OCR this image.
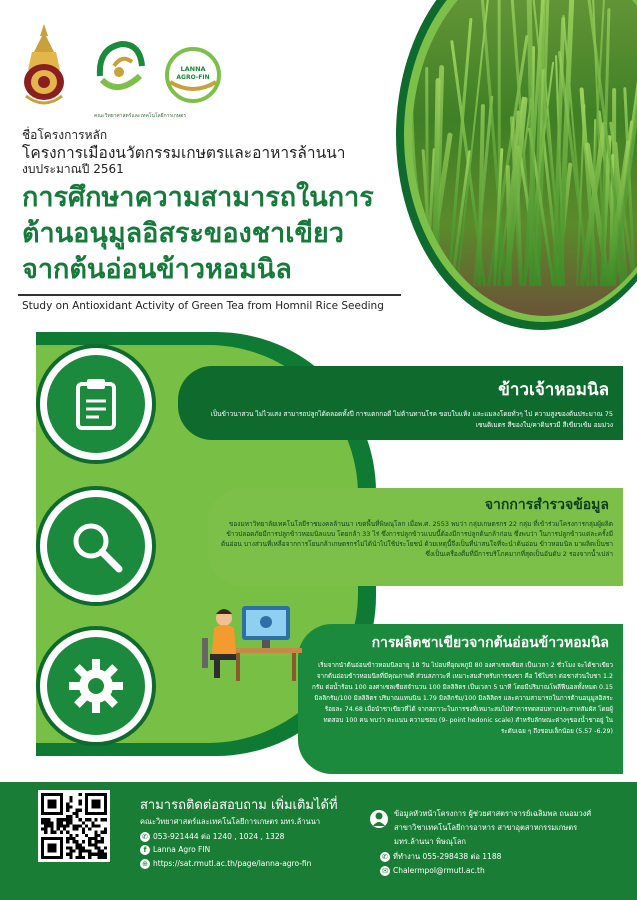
คณะวิทยาศาสตร์และเทคโนโลยีการเกษตร
LANNA
AGRO-FIN
ชื่อโครงการหลัก
โครงการเมืองนวัตกรรมเกษตรและอาหารล้านนา
งบประมาณปี 2561
การศึกษาความสามารถในการ
ต้านอนุมูลอิสระของชาเขียว
จากต้นอ่อนข้าวหอมนิล
Study on Antioxidant Activity of Green Tea from Homnil Rice Seeding
ข้าวเจ้าหอมนิล
เป็นข้าวนาสวน ไม่ไวแสง สามารถปลูกได้ตลอดทั้งปี การแตกกอดี ไม่ต้านทานโรค ขอบใบแห้ง และแมลงโดยทั่วๆ ไป ความสูงของต้นประมาณ 75 เซนติเมตร สีของใบ/คาดินรวมี สีเขียวเข้ม อมม่วง
จากการสำรวจข้อมูล
ของมหาวิทยาลัยเทคโนโลยีราชมงคลล้านนา เขตพื้นที่พิษณุโลก เมื่อพ.ศ. 2553 พบว่า กลุ่มเกษตรกร 22 กลุ่ม ที่เข้าร่วมโครงการกลุ่มผู้ผลิตข้าวปลอดภัยมีการปลูกข้าวหอมนิลแบบ โดยกล้า 33 ไร่ ซึ่งการปลูกข้าวแบบนี้ต้องมีการปลูกต้นกล้าก่อน ซึ่งพบว่า ในการปลูกข้าวแต่ละครั้งมีต้นอ่อน บางส่วนที่เหลือจากการโยนกล้าเกษตรกรไม่ได้นำไปใช้ประโยชน์ ด้วยเหตุนี้จึงเป็นที่น่าสนใจที่จะนำต้นอ่อน ข้าวหอมนิล มาผลิตเป็นชาซึ่งเป็นเครื่องดื่มที่มีการบริโภคมากที่สุดเป็นอันดับ 2 รองจากน้ำเปล่า
การผลิตชาเขียวจากต้นอ่อนข้าวหอมนิล
เริ่มจากนำต้นอ่อนข้าวหอมนิลอายุ 18 วัน ไปอบที่อุณหภูมิ 80 องศาเซลเซียส เป็นเวลา 2 ชั่วโมง จะได้ชาเขียว จากต้นอ่อนข้าวหอมนิลที่มีคุณภาพดี ส่วนสภาวะที่ เหมาะสมสำหรับการชงชา คือ ใช้ใบชา ต่อชาส่วนใบชา 1.2 กรัม ต่อน้ำร้อน 100 องศาเซลเซียสจำนวน 100 มิลลิลิตร เป็นเวลา 5 นาที โดยมีปริมาณโพลีฟีนอลทั้งหมด 0.15 มิลลิกรัม/100 มิลลิลิตร ปริมาณแทนนิน 1.79 มิลลิกรัม/100 มิลลิลิตร และความสามารถในการต้านอนุมูลอิสระร้อยละ 74.68 เมื่อนำชาเขียวที่ได้ จากสภาวะในการชงที่เหมาะสมไปทำการทดสอบทางประสาทสัมผัส โดยผู้ทดสอบ 100 คน พบว่า คะแนน ความชอบ (9- point hedonic scale) สำหรับลักษณะต่างๆของน้ำชาอยู่ ในระดับเฉย ๆ ถึงชอบเล็กน้อย (5.57 -6.29)
สามารถติดต่อสอบถาม เพิ่มเติมได้ที่
คณะวิทยาศาสตร์และเทคโนโลยีการเกษตร มทร.ล้านนา
✆ 053-921444 ต่อ 1240 , 1024 , 1328
f Lanna Agro FIN
⊕ https://sat.rmutl.ac.th/page/lanna-agro-fin
ข้อมูลหัวหน้าโครงการ ผู้ช่วยศาสตราจารย์เฉลิมพล ถนอมวงศ์
สาขาวิชาเทคโนโลยีการอาหาร สาขาอุตสาหกรรมเกษตร
มทร.ล้านนา พิษณุโลก
✆ ที่ทำงาน 055-298438 ต่อ 1188
✉ Chalermpol@rmutl.ac.th
